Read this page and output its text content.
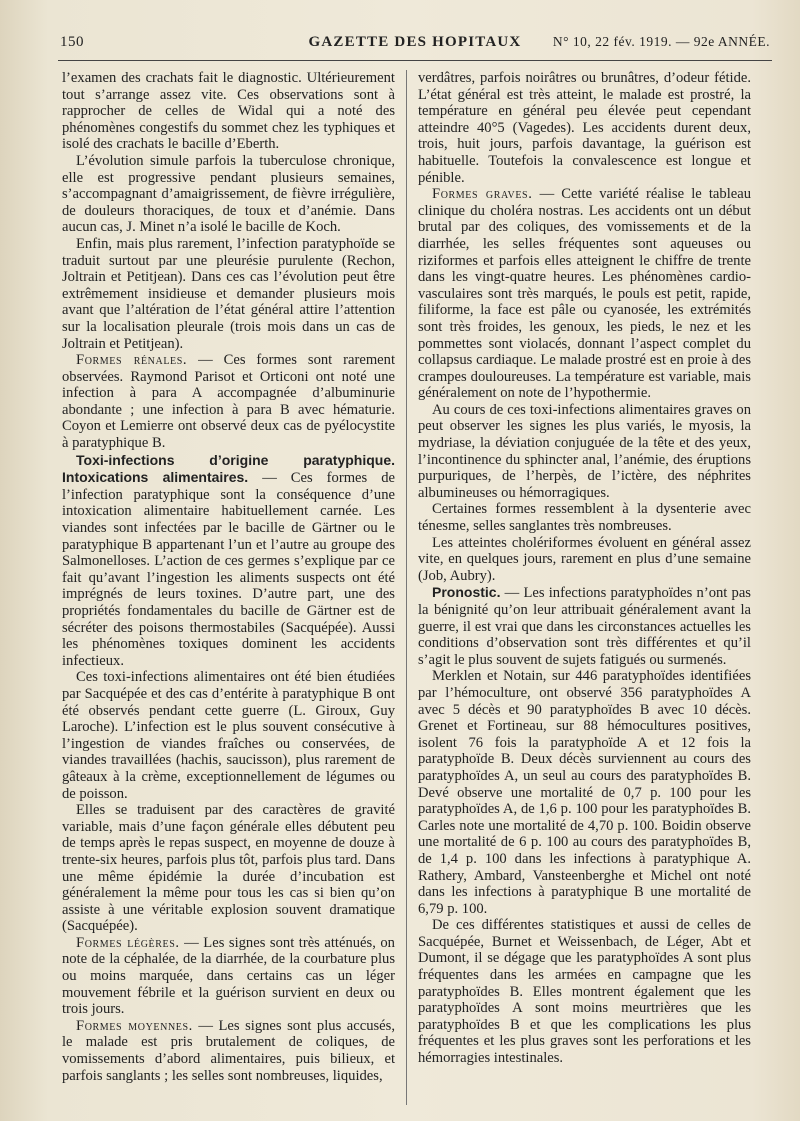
150	GAZETTE DES HOPITAUX	N° 10, 22 fév. 1919. — 92e ANNÉE.

l’examen des crachats fait le diagnostic. Ultérieurement tout s’arrange assez vite. Ces observations sont à rapprocher de celles de Widal qui a noté des phénomènes congestifs du sommet chez les typhiques et isolé des crachats le bacille d’Eberth.

L’évolution simule parfois la tuberculose chronique, elle est progressive pendant plusieurs semaines, s’accompagnant d’amaigrissement, de fièvre irrégulière, de douleurs thoraciques, de toux et d’anémie. Dans aucun cas, J. Minet n’a isolé le bacille de Koch.

Enfin, mais plus rarement, l’infection paratyphoïde se traduit surtout par une pleurésie purulente (Rechon, Joltrain et Petitjean). Dans ces cas l’évolution peut être extrêmement insidieuse et demander plusieurs mois avant que l’altération de l’état général attire l’attention sur la localisation pleurale (trois mois dans un cas de Joltrain et Petitjean).

Formes rénales. — Ces formes sont rarement observées. Raymond Parisot et Orticoni ont noté une infection à para A accompagnée d’albuminurie abondante ; une infection à para B avec hématurie. Coyon et Lemierre ont observé deux cas de pyélocystite à paratyphique B.

Toxi-infections d’origine paratyphique. Intoxications alimentaires. — Ces formes de l’infection paratyphique sont la conséquence d’une intoxication alimentaire habituellement carnée. Les viandes sont infectées par le bacille de Gärtner ou le paratyphique B appartenant l’un et l’autre au groupe des Salmonelloses. L’action de ces germes s’explique par ce fait qu’avant l’ingestion les aliments suspects ont été imprégnés de leurs toxines. D’autre part, une des propriétés fondamentales du bacille de Gärtner est de sécréter des poisons thermostabiles (Sacquépée). Aussi les phénomènes toxiques dominent les accidents infectieux.

Ces toxi-infections alimentaires ont été bien étudiées par Sacquépée et des cas d’entérite à paratyphique B ont été observés pendant cette guerre (L. Giroux, Guy Laroche). L’infection est le plus souvent consécutive à l’ingestion de viandes fraîches ou conservées, de viandes travaillées (hachis, saucisson), plus rarement de gâteaux à la crème, exceptionnellement de légumes ou de poisson.

Elles se traduisent par des caractères de gravité variable, mais d’une façon générale elles débutent peu de temps après le repas suspect, en moyenne de douze à trente-six heures, parfois plus tôt, parfois plus tard. Dans une même épidémie la durée d’incubation est généralement la même pour tous les cas si bien qu’on assiste à une véritable explosion souvent dramatique (Sacquépée).

Formes légères. — Les signes sont très atténués, on note de la céphalée, de la diarrhée, de la courbature plus ou moins marquée, dans certains cas un léger mouvement fébrile et la guérison survient en deux ou trois jours.

Formes moyennes. — Les signes sont plus accusés, le malade est pris brutalement de coliques, de vomissements d’abord alimentaires, puis bilieux, et parfois sanglants ; les selles sont nombreuses, liquides,

verdâtres, parfois noirâtres ou brunâtres, d’odeur fétide. L’état général est très atteint, le malade est prostré, la température en général peu élevée peut cependant atteindre 40°5 (Vagedes). Les accidents durent deux, trois, huit jours, parfois davantage, la guérison est habituelle. Toutefois la convalescence est longue et pénible.

Formes graves. — Cette variété réalise le tableau clinique du choléra nostras. Les accidents ont un début brutal par des coliques, des vomissements et de la diarrhée, les selles fréquentes sont aqueuses ou riziformes et parfois elles atteignent le chiffre de trente dans les vingt-quatre heures. Les phénomènes cardio-vasculaires sont très marqués, le pouls est petit, rapide, filiforme, la face est pâle ou cyanosée, les extrémités sont très froides, les genoux, les pieds, le nez et les pommettes sont violacés, donnant l’aspect complet du collapsus cardiaque. Le malade prostré est en proie à des crampes douloureuses. La température est variable, mais généralement on note de l’hypothermie.

Au cours de ces toxi-infections alimentaires graves on peut observer les signes les plus variés, le myosis, la mydriase, la déviation conjuguée de la tête et des yeux, l’incontinence du sphincter anal, l’anémie, des éruptions purpuriques, de l’herpès, de l’ictère, des néphrites albumineuses ou hémorragiques.

Certaines formes ressemblent à la dysenterie avec ténesme, selles sanglantes très nombreuses.

Les atteintes cholériformes évoluent en général assez vite, en quelques jours, rarement en plus d’une semaine (Job, Aubry).

Pronostic. — Les infections paratyphoïdes n’ont pas la bénignité qu’on leur attribuait généralement avant la guerre, il est vrai que dans les circonstances actuelles les conditions d’observation sont très différentes et qu’il s’agit le plus souvent de sujets fatigués ou surmenés.

Merklen et Notain, sur 446 paratyphoïdes identifiées par l’hémoculture, ont observé 356 paratyphoïdes A avec 5 décès et 90 paratyphoïdes B avec 10 décès. Grenet et Fortineau, sur 88 hémocultures positives, isolent 76 fois la paratyphoïde A et 12 fois la paratyphoïde B. Deux décès surviennent au cours des paratyphoïdes A, un seul au cours des paratyphoïdes B. Devé observe une mortalité de 0,7 p. 100 pour les paratyphoïdes A, de 1,6 p. 100 pour les paratyphoïdes B. Carles note une mortalité de 4,70 p. 100. Boidin observe une mortalité de 6 p. 100 au cours des paratyphoïdes B, de 1,4 p. 100 dans les infections à paratyphique A. Rathery, Ambard, Vansteenberghe et Michel ont noté dans les infections à paratyphique B une mortalité de 6,79 p. 100.

De ces différentes statistiques et aussi de celles de Sacquépée, Burnet et Weissenbach, de Léger, Abt et Dumont, il se dégage que les paratyphoïdes A sont plus fréquentes dans les armées en campagne que les paratyphoïdes B. Elles montrent également que les paratyphoïdes A sont moins meurtrières que les paratyphoïdes B et que les complications les plus fréquentes et les plus graves sont les perforations et les hémorragies intestinales.
